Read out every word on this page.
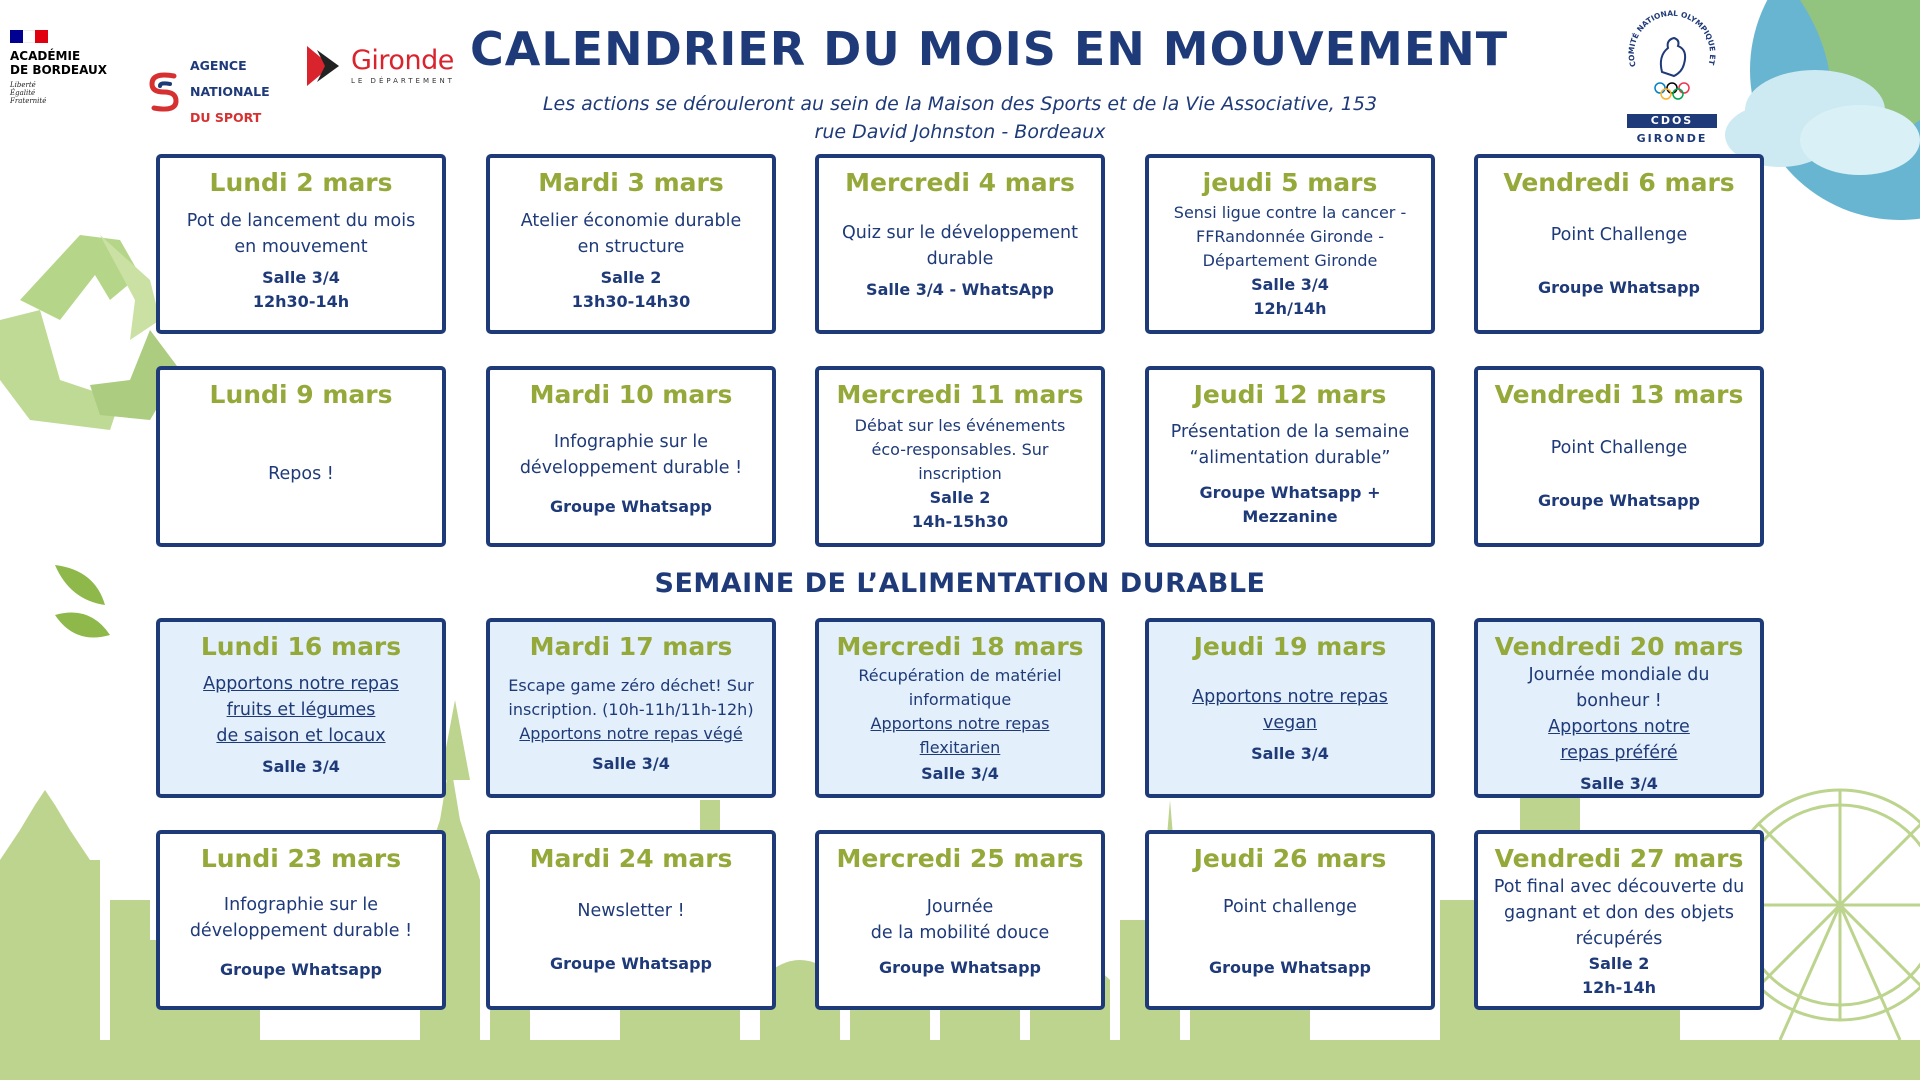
ACADÉMIE
DE BORDEAUX
Liberté
Égalité
Fraternité

AGENCE

NATIONALE

DU SPORT

Gironde
LE DÉPARTEMENT
CALENDRIER DU MOIS EN MOUVEMENT
Les actions se dérouleront au sein de la Maison des Sports et de la Vie Associative, 153 rue David Johnston - Bordeaux
COMITÉ NATIONAL OLYMPIQUE ET
CDOS
GIRONDE
Lundi 2 mars
Pot de lancement du mois
en mouvement
Salle 3/4
12h30-14h
Mardi 3 mars
Atelier économie durable
en structure
Salle 2
13h30-14h30
Mercredi 4 mars
Quiz sur le développement
durable
Salle 3/4 - WhatsApp
jeudi 5 mars
Sensi ligue contre la cancer -
FFRandonnée Gironde -
Département Gironde
Salle 3/4
12h/14h
Vendredi 6 mars
Point Challenge
Groupe Whatsapp
Lundi 9 mars
Repos !
Mardi 10 mars
Infographie sur le
développement durable !
Groupe Whatsapp
Mercredi 11 mars
Débat sur les événements
éco-responsables. Sur
inscription
Salle 2
14h-15h30
Jeudi 12 mars
Présentation de la semaine
“alimentation durable”
Groupe Whatsapp +
Mezzanine
Vendredi 13 mars
Point Challenge
Groupe Whatsapp
SEMAINE DE L’ALIMENTATION DURABLE
Lundi 16 mars
Apportons notre repas
fruits et légumes
de saison et locaux
Salle 3/4
Mardi 17 mars
Escape game zéro déchet! Sur
inscription. (10h-11h/11h-12h)
Apportons notre repas végé
Salle 3/4
Mercredi 18 mars
Récupération de matériel
informatique
Apportons notre repas
flexitarien
Salle 3/4
Jeudi 19 mars
Apportons notre repas
vegan
Salle 3/4
Vendredi 20 mars
Journée mondiale du
bonheur !
Apportons notre
repas préféré
Salle 3/4
Lundi 23 mars
Infographie sur le
développement durable !
Groupe Whatsapp
Mardi 24 mars
Newsletter !
Groupe Whatsapp
Mercredi 25 mars
Journée
de la mobilité douce
Groupe Whatsapp
Jeudi 26 mars
Point challenge
Groupe Whatsapp
Vendredi 27 mars
Pot final avec découverte du
gagnant et don des objets
récupérés
Salle 2
12h-14h
